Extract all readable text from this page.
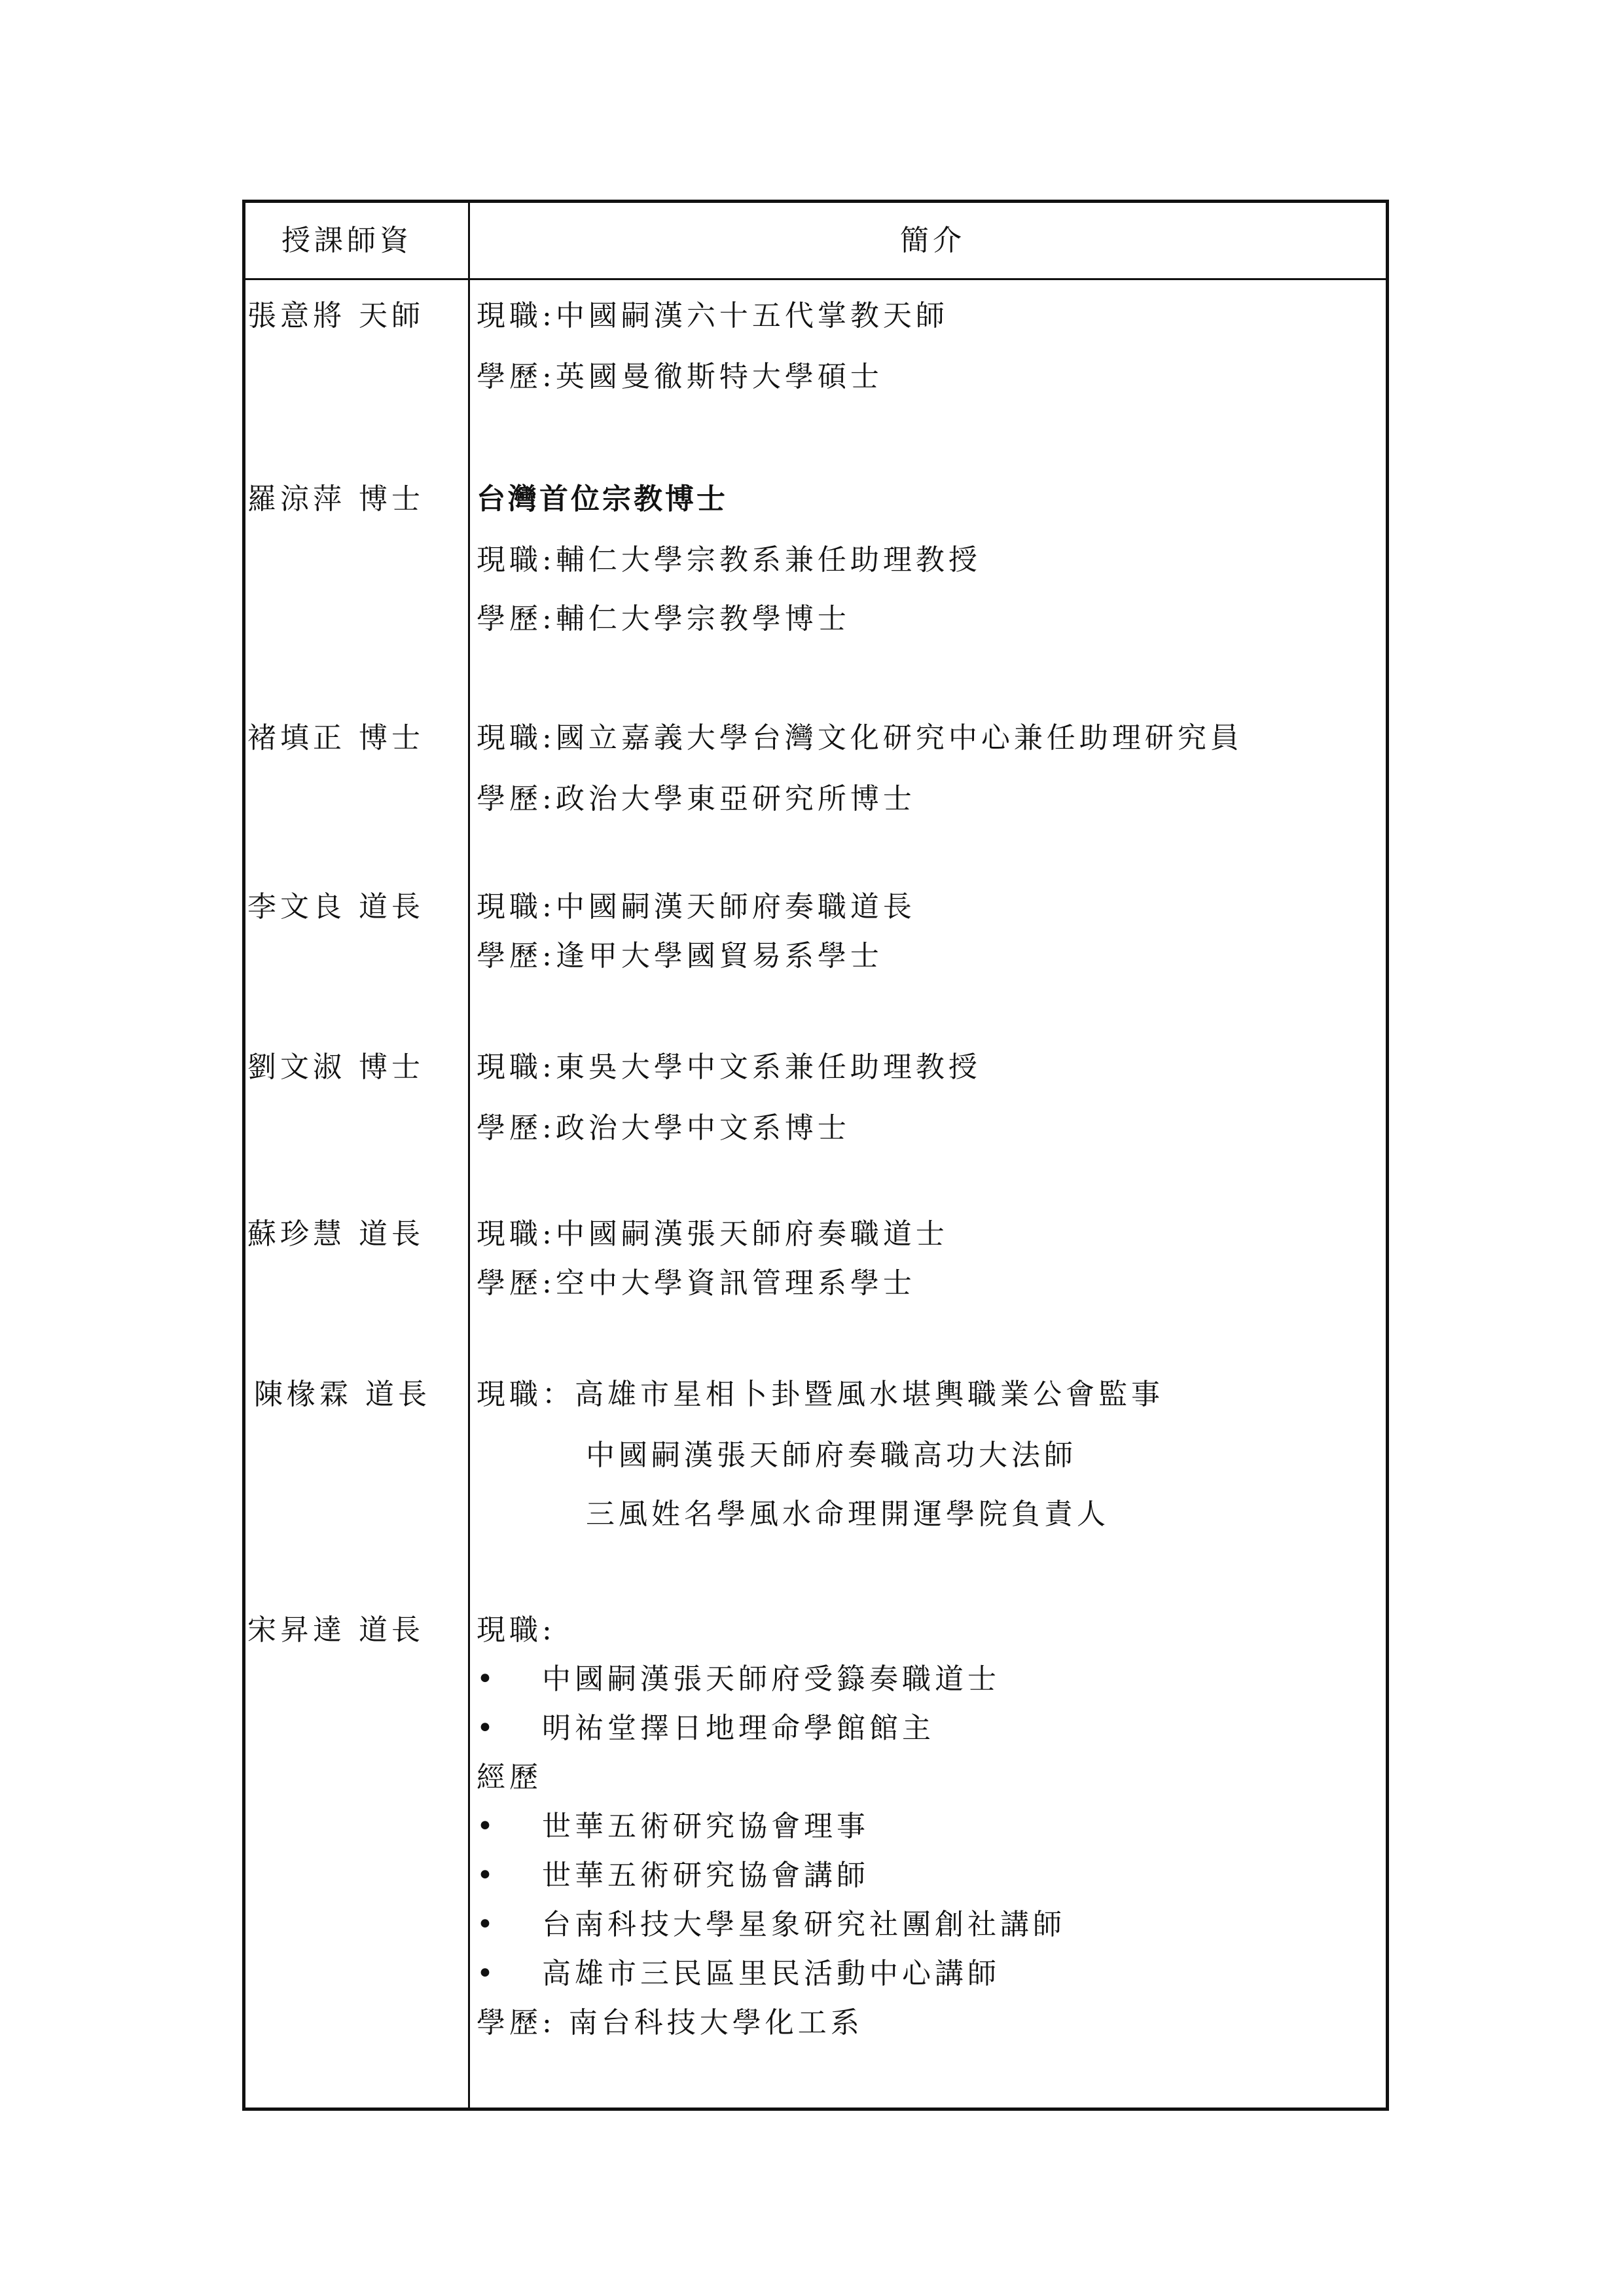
授課師資	簡介
張意將 天師 現職:中國嗣漢六十五代掌教天師
學歷:英國曼徹斯特大學碩士
羅涼萍 博士 台灣首位宗教博士
現職:輔仁大學宗教系兼任助理教授
學歷:輔仁大學宗教學博士
褚填正 博士 現職:國立嘉義大學台灣文化研究中心兼任助理研究員
學歷:政治大學東亞研究所博士
李文良 道長 現職:中國嗣漢天師府奏職道長
學歷:逢甲大學國貿易系學士
劉文淑 博士 現職:東吳大學中文系兼任助理教授
學歷:政治大學中文系博士
蘇珍慧 道長 現職:中國嗣漢張天師府奏職道士
學歷:空中大學資訊管理系學士
陳椽霖 道長 現職：高雄市星相卜卦暨風水堪輿職業公會監事
中國嗣漢張天師府奏職高功大法師
三風姓名學風水命理開運學院負責人
宋昇達 道長 現職:
• 中國嗣漢張天師府受籙奏職道士
• 明祐堂擇日地理命學館館主
經歷
• 世華五術研究協會理事
• 世華五術研究協會講師
• 台南科技大學星象研究社團創社講師
• 高雄市三民區里民活動中心講師
學歷: 南台科技大學化工系
